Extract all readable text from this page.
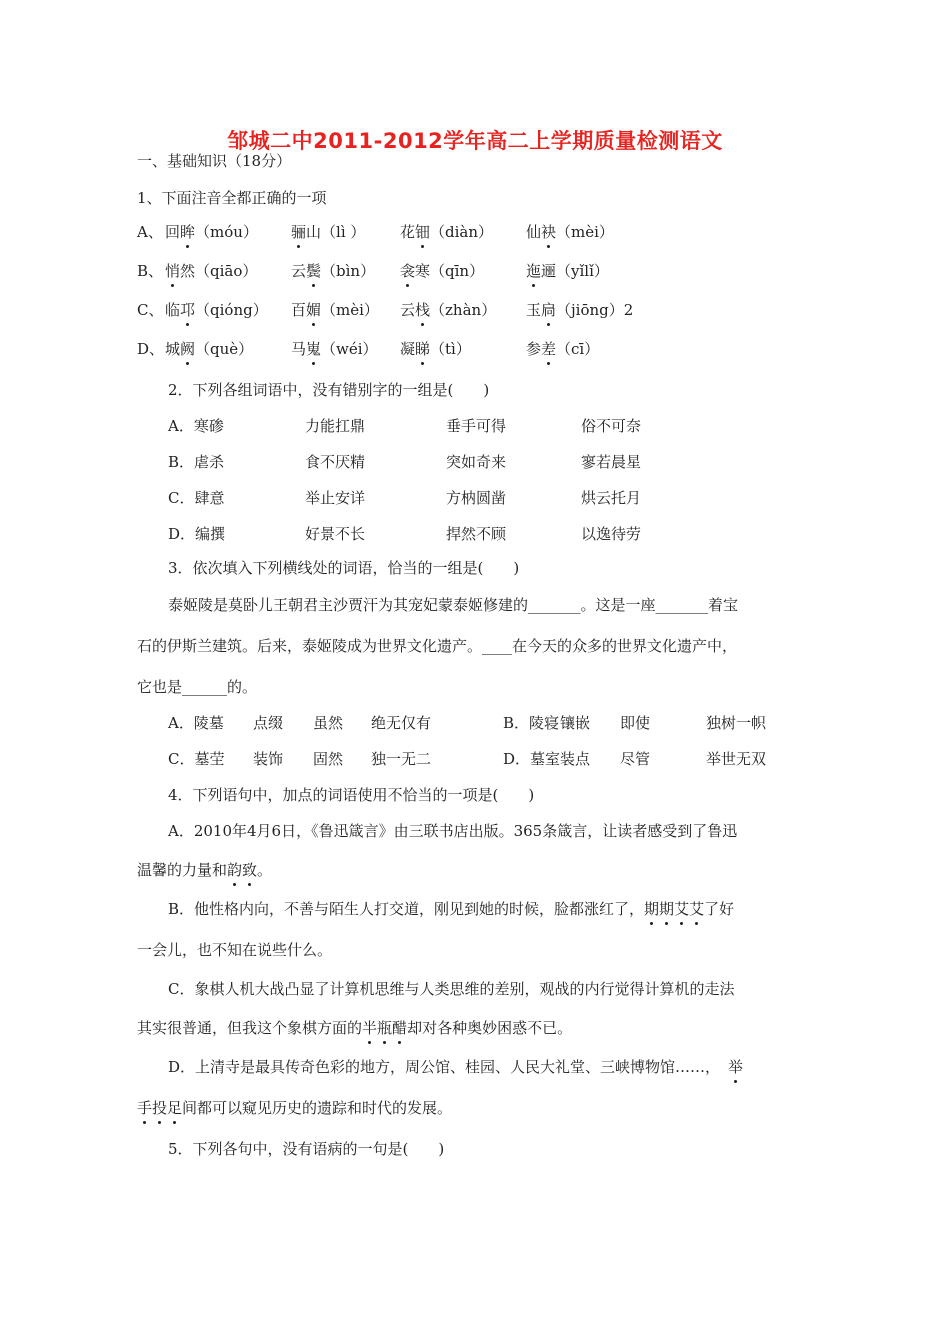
邹城二中2011-2012学年高二上学期质量检测语文
一、基础知识（18分）
1、下面注音全都正确的一项
A、 回眸（móu） 骊山（lì ） 花钿（diàn） 仙袂（mèi）
B、 悄然（qiāo） 云鬓（bìn） 衾寒（qīn）	迤逦（yǐlǐ）
C、 临邛（qióng） 百媚（mèi） 云栈（zhàn） 玉扃（jiōng）2
D、 城阙（què）	马嵬（wéi） 凝睇（tì）	参差（cī）
2．下列各组词语中，没有错别字的一组是(　　)
A．寒碜	力能扛鼎	垂手可得	俗不可奈
B．虐杀	食不厌精	突如奇来	寥若晨星
C．肆意	举止安详	方枘圆凿	烘云托月
D．编撰	好景不长	捍然不顾	以逸待劳
3．依次填入下列横线处的词语，恰当的一组是(　　)
泰姬陵是莫卧儿王朝君主沙贾汗为其宠妃蒙泰姬修建的_______。这是一座_______着宝
石的伊斯兰建筑。后来，泰姬陵成为世界文化遗产。____在今天的众多的世界文化遗产中，
它也是______的。
A．陵墓 点缀 虽然 绝无仅有	B．陵寝 镶嵌 即使	独树一帜
C．墓茔 装饰 固然 独一无二	D．墓室 装点 尽管	举世无双
4．下列语句中，加点的词语使用不恰当的一项是(　　)
A．2010年4月6日，《鲁迅箴言》由三联书店出版。365条箴言，让读者感受到了鲁迅
温馨的力量和韵致。
B．他性格内向，不善与陌生人打交道，刚见到她的时候，脸都涨红了，期期艾艾了好
一会儿，也不知在说些什么。
C．象棋人机大战凸显了计算机思维与人类思维的差别，观战的内行觉得计算机的走法
其实很普通，但我这个象棋方面的半瓶醋却对各种奥妙困惑不已。
D．上清寺是最具传奇色彩的地方，周公馆、桂园、人民大礼堂、三峡博物馆……， 举
手投足间都可以窥见历史的遗踪和时代的发展。
5．下列各句中，没有语病的一句是(　　)
